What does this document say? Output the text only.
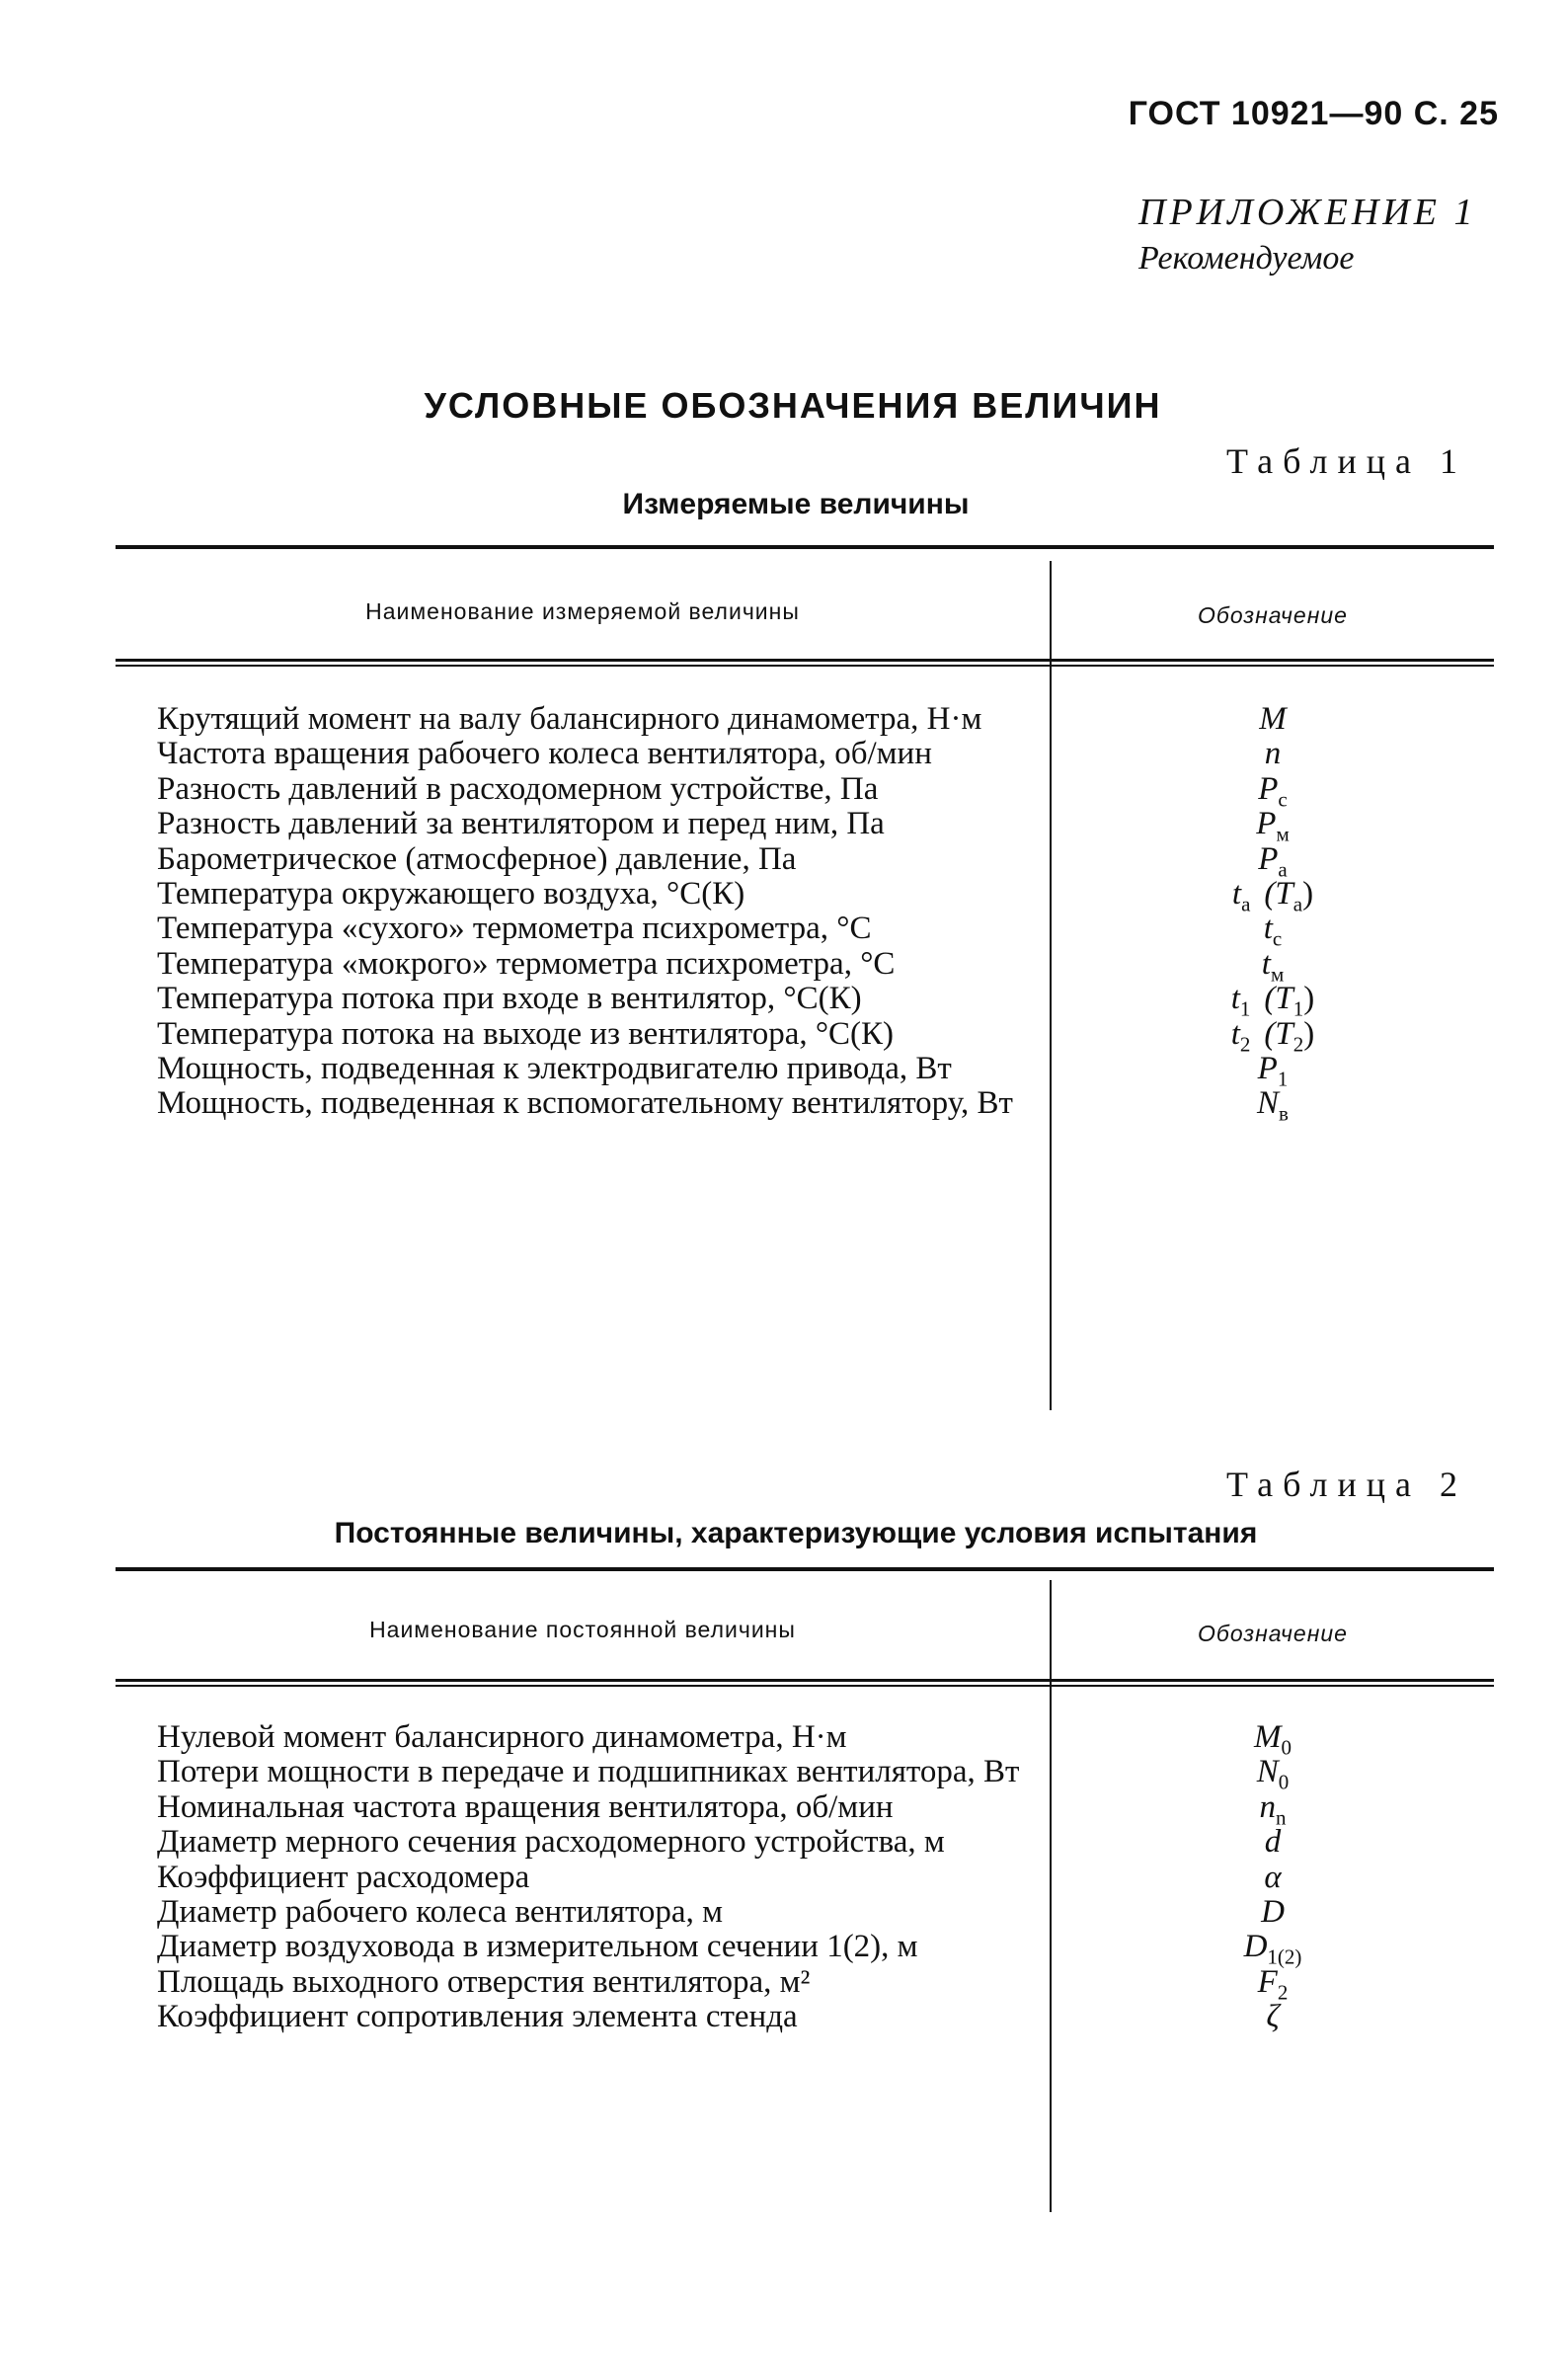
ГОСТ 10921—90 С. 25
ПРИЛОЖЕНИЕ 1
Рекомендуемое
УСЛОВНЫЕ ОБОЗНАЧЕНИЯ ВЕЛИЧИН
Таблица 1
Измеряемые величины
Наименование измеряемой величины	Обозначение

Крутящий момент на валу балансирного динамометра, Н·м

Частота вращения рабочего колеса вентилятора, об/мин

Разность давлений в расходомерном устройстве, Па

Разность давлений за вентилятором и перед ним, Па

Барометрическое (атмосферное) давление, Па

Температура окружающего воздуха, °С(К)

Температура «сухого» термометра психрометра, °С

Температура «мокрого» термометра психрометра, °С

Температура потока при входе в вентилятор, °С(К)

Температура потока на выходе из вентилятора, °С(К)

Мощность, подведенная к электродвигателю привода, Вт

Мощность, подведенная к вспомогательному вентилятору, Вт

M
n
$P_с$
$P_м$
$P_а$
$t_а$ $(T_а)$
$t_с$
$t_м$
$t_1$ $(T_1)$
$t_2$ $(T_2)$
$P_1$
$N_в$
Таблица 2
Постоянные величины, характеризующие условия испытания
Наименование постоянной величины	Обозначение

Нулевой момент балансирного динамометра, Н·м

Потери мощности в передаче и подшипниках вентилятора, Вт

Номинальная частота вращения вентилятора, об/мин

Диаметр мерного сечения расходомерного устройства, м

Коэффициент расходомера

Диаметр рабочего колеса вентилятора, м

Диаметр воздуховода в измерительном сечении 1(2), м

Площадь выходного отверстия вентилятора, м²

Коэффициент сопротивления элемента стенда

$M_0$
$N_0$
$n_n$
d
α
D
$D_{1(2)}$
$F_2$
ζ
